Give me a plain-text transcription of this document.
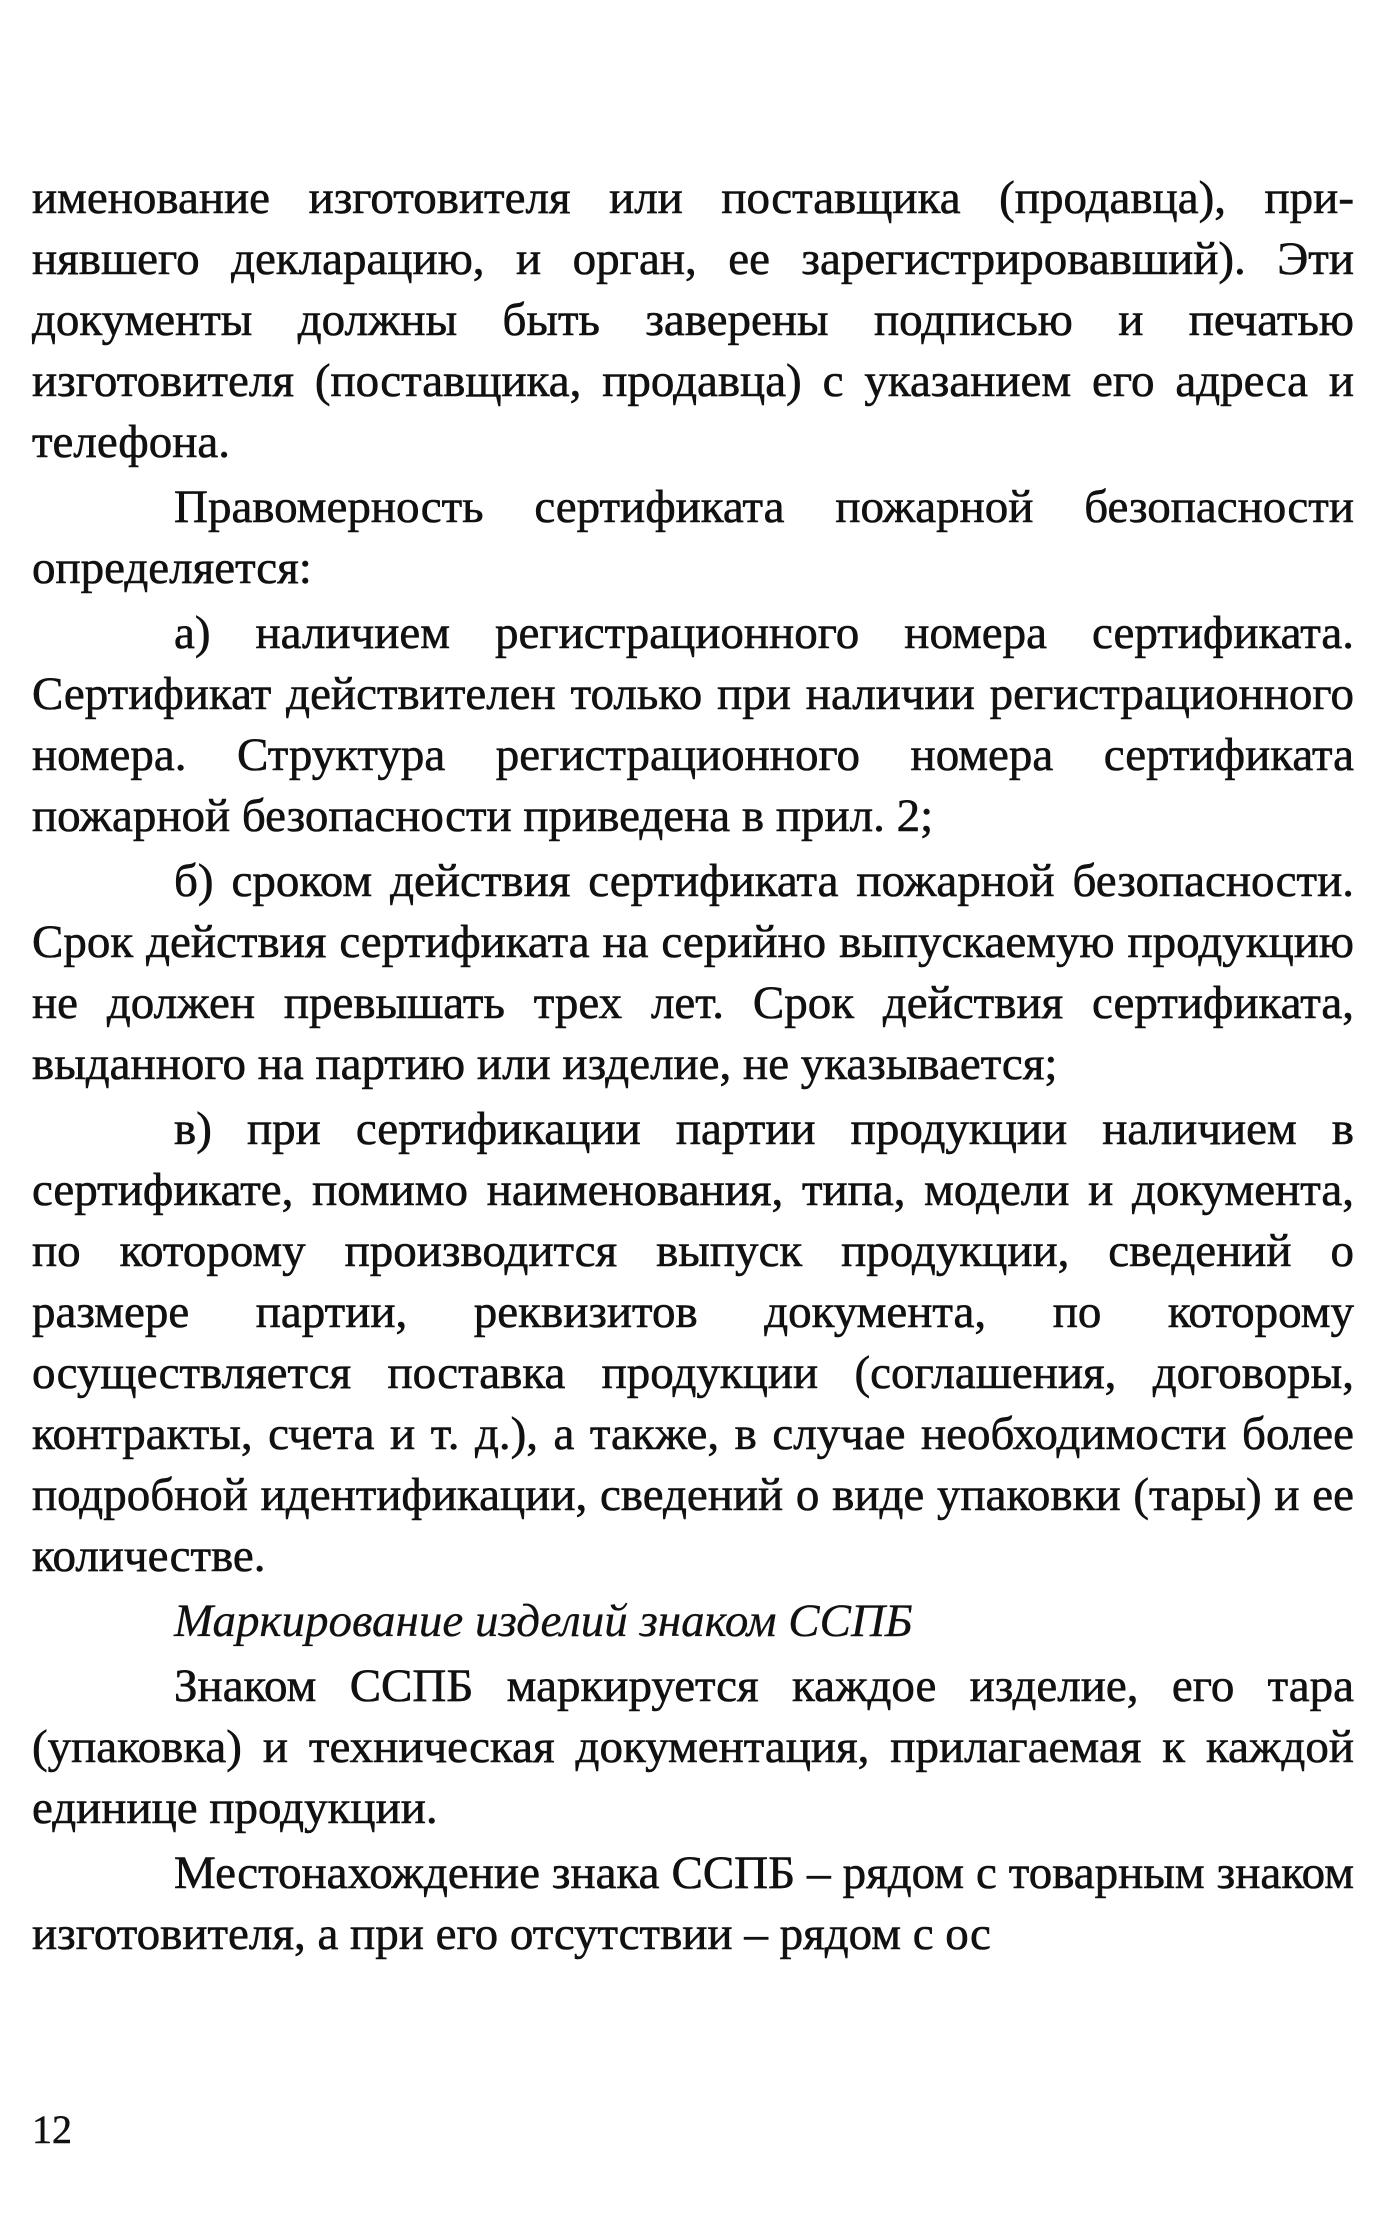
именование изготовителя или поставщика (продавца), принявшего декларацию, и орган, ее зарегистрировавший). Эти документы должны быть заверены подписью и печатью изготовителя (поставщика, продавца) с указанием его адреса и телефона.

Правомерность сертификата пожарной безопасности определяется:

а) наличием регистрационного номера сертификата. Сертификат действителен только при наличии регистрационного номера. Структура регистрационного номера сертификата пожарной безопасности приведена в прил. 2;

б) сроком действия сертификата пожарной безопасности. Срок действия сертификата на серийно выпускаемую продукцию не должен превышать трех лет. Срок действия сертификата, выданного на партию или изделие, не указывается;

в) при сертификации партии продукции наличием в сертификате, помимо наименования, типа, модели и документа, по которому производится выпуск продукции, сведений о размере партии, реквизитов документа, по которому осуществляется поставка продукции (соглашения, договоры, контракты, счета и т. д.), а также, в случае необходимости более подробной идентификации, сведений о виде упаковки (тары) и ее количестве.

Маркирование изделий знаком ССПБ

Знаком ССПБ маркируется каждое изделие, его тара (упаковка) и техническая документация, прилагаемая к каждой единице продукции.

Местонахождение знака ССПБ – рядом с товарным знаком изготовителя, а при его отсутствии – рядом с ос

12
